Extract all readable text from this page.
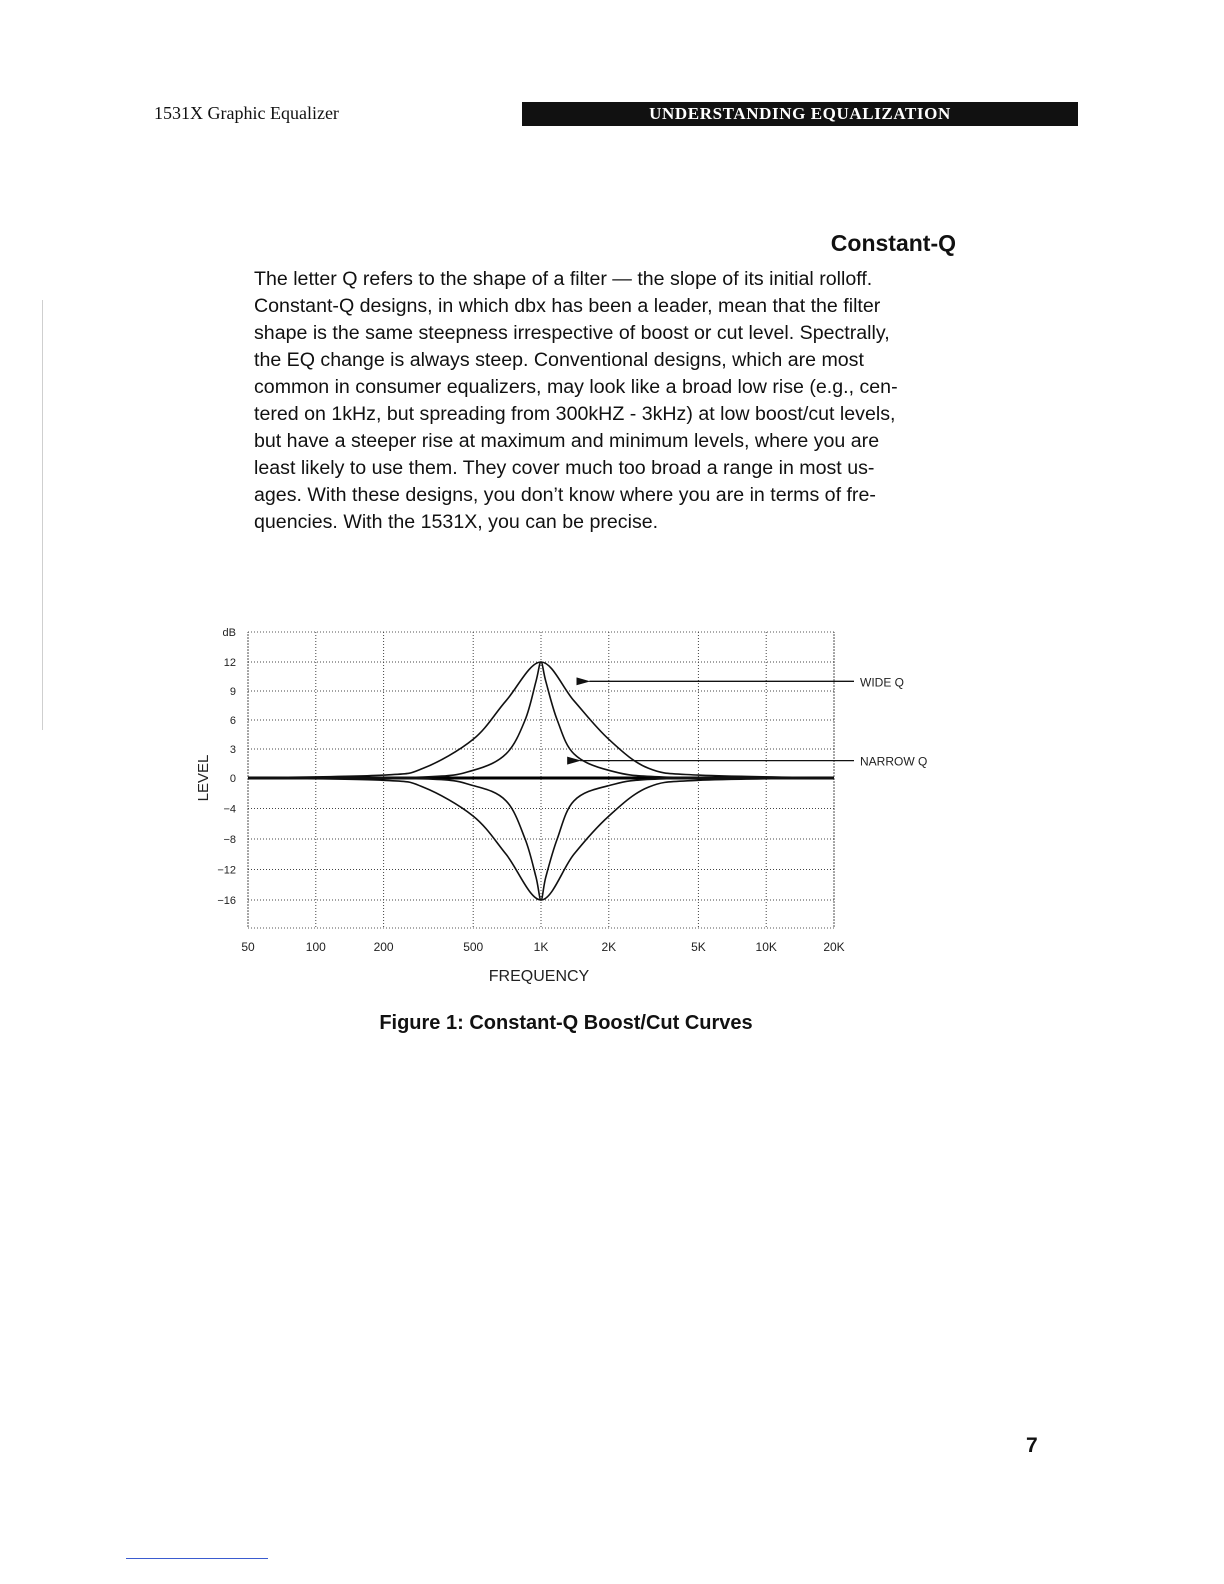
1531X Graphic Equalizer	UNDERSTANDING EQUALIZATION
Constant-Q
The letter Q refers to the shape of a filter — the slope of its initial rolloff.
Constant-Q designs, in which dbx has been a leader, mean that the filter
shape is the same steepness irrespective of boost or cut level. Spectrally,
the EQ change is always steep. Conventional designs, which are most
common in consumer equalizers, may look like a broad low rise (e.g., cen-
tered on 1kHz, but spreading from 300kHZ - 3kHz) at low boost/cut levels,
but have a steeper rise at maximum and minimum levels, where you are
least likely to use them. They cover much too broad a range in most us-
ages. With these designs, you don’t know where you are in terms of fre-
quencies. With the 1531X, you can be precise.
50	100	200	500	1K	2K	5K	10K	20K
12
9
6
3
0
−4
−8
−12
−16
dB
FREQUENCY
LEVEL
WIDE Q
NARROW Q
Figure 1: Constant-Q Boost/Cut Curves
7
